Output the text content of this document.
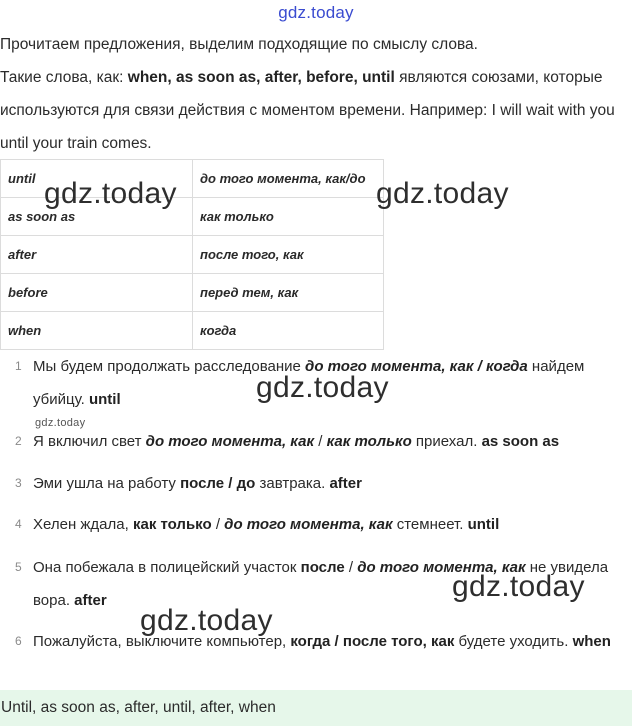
gdz.today

Прочитаем предложения, выделим подходящие по смыслу слова.

Такие слова, как: when, as soon as, after, before, until являются союзами, которые используются для связи действия с моментом времени. Например: I will wait with you until your train comes.

until	до того момента, как/до
as soon as	как только
after	после того, как
before	перед тем, как
when	когда
1 Мы будем продолжать расследование до того момента, как / когда найдем убийцу. until
2 Я включил свет до того момента, как / как только приехал. as soon as
3 Эми ушла на работу после / до завтрака. after
4 Хелен ждала, как только / до того момента, как стемнеет. until
5 Она побежала в полицейский участок после / до того момента, как не увидела вора. after
6 Пожалуйста, выключите компьютер, когда / после того, как будете уходить. when
Until, as soon as, after, until, after, when
gdz.today	gdz.today
gdz.today
gdz.today
gdz.today
gdz.today
